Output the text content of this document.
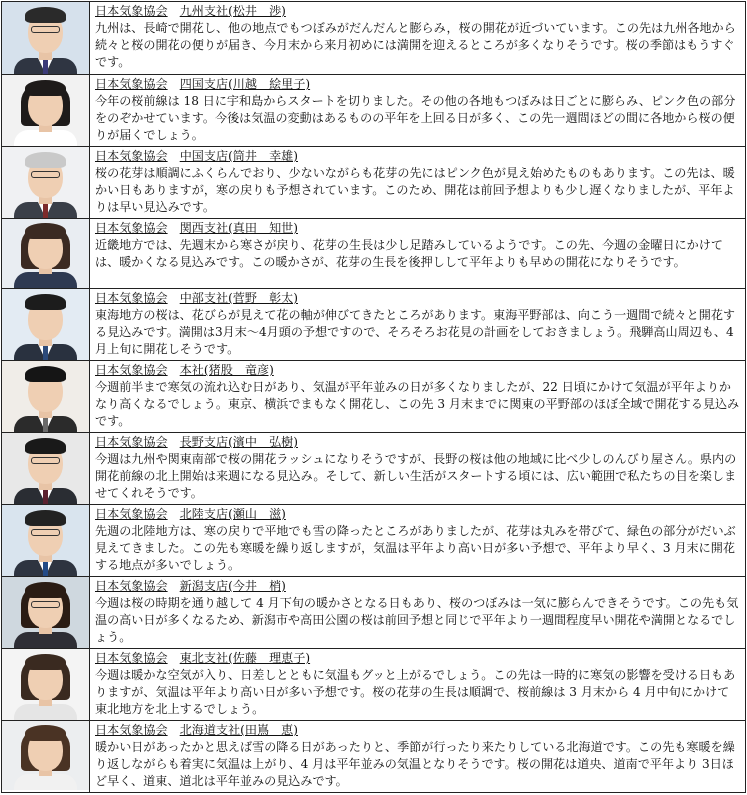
	日本気象協会　 九州支社(松井　渉)
九州は、長崎で開花し、他の地点でもつぼみがだんだんと膨らみ，桜の開花が近づいています。この先は九州各地から続々と桜の開花の便りが届き、今月末から来月初めには満開を迎えるところが多くなりそうです。桜の季節はもうすぐです。

	日本気象協会　 四国支店(川越　絵里子)
今年の桜前線は 18 日に宇和島からスタートを切りました。その他の各地もつぼみは日ごとに膨らみ、ピンク色の部分をのぞかせています。今後は気温の変動はあるものの平年を上回る日が多く、この先一週間ほどの間に各地から桜の便りが届くでしょう。

	日本気象協会　 中国支店(筒井　幸雄)
桜の花芽は順調にふくらんでおり、少ないながらも花芽の先にはピンク色が見え始めたものもあります。この先は、暖かい日もありますが，寒の戻りも予想されています。このため、開花は前回予想よりも少し遅くなりましたが、平年よりは早い見込みです。

	日本気象協会　 関西支社(真田　知世)
近畿地方では、先週末から寒さが戻り、花芽の生長は少し足踏みしているようです。この先、今週の金曜日にかけては、暖かくなる見込みです。この暖かさが、花芽の生長を後押しして平年よりも早めの開花になりそうです。

	日本気象協会　 中部支社(菅野　彰太)
東海地方の桜は、花びらが見えて花の軸が伸びてきたところがあります。東海平野部は、向こう一週間で続々と開花する見込みです。満開は3月末〜4月頭の予想ですので、そろそろお花見の計画をしておきましょう。飛騨高山周辺も、4月上旬に開花しそうです。

	日本気象協会　 本社(猪股　竜彦)
今週前半まで寒気の流れ込む日があり、気温が平年並みの日が多くなりましたが、22 日頃にかけて気温が平年よりかなり高くなるでしょう。東京、横浜でまもなく開花し、この先 3 月末までに関東の平野部のほぼ全域で開花する見込みです。

	日本気象協会　 長野支店(濱中　弘樹)
今週は九州や関東南部で桜の開花ラッシュになりそうですが、長野の桜は他の地域に比べ少しのんびり屋さん。県内の開花前線の北上開始は来週になる見込み。そして、新しい生活がスタートする頃には、広い範囲で私たちの目を楽しませてくれそうです。

	日本気象協会　 北陸支店(瀬山　滋)
先週の北陸地方は、寒の戻りで平地でも雪の降ったところがありましたが、花芽は丸みを帯びて、緑色の部分がだいぶ見えてきました。この先も寒暖を繰り返しますが，気温は平年より高い日が多い予想で、平年より早く、3 月末に開花する地点が多いでしょう。

	日本気象協会　 新潟支店(今井　梢)
今週は桜の時期を通り越して 4 月下旬の暖かさとなる日もあり、桜のつぼみは一気に膨らんできそうです。この先も気温の高い日が多くなるため、新潟市や高田公園の桜は前回予想と同じで平年より一週間程度早い開花や満開となるでしょう。

	日本気象協会　 東北支社(佐藤　理恵子)
今週は暖かな空気が入り、日差しとともに気温もグッと上がるでしょう。この先は一時的に寒気の影響を受ける日もありますが、気温は平年より高い日が多い予想です。桜の花芽の生長は順調で、桜前線は 3 月末から 4 月中旬にかけて東北地方を北上するでしょう。

	日本気象協会　 北海道支社(田嶌　恵)
暖かい日があったかと思えば雪の降る日があったりと、季節が行ったり来たりしている北海道です。この先も寒暖を繰り返しながらも着実に気温は上がり、4 月は平年並みの気温となりそうです。桜の開花は道央、道南で平年より 3日ほど早く、道東、道北は平年並みの見込みです。
